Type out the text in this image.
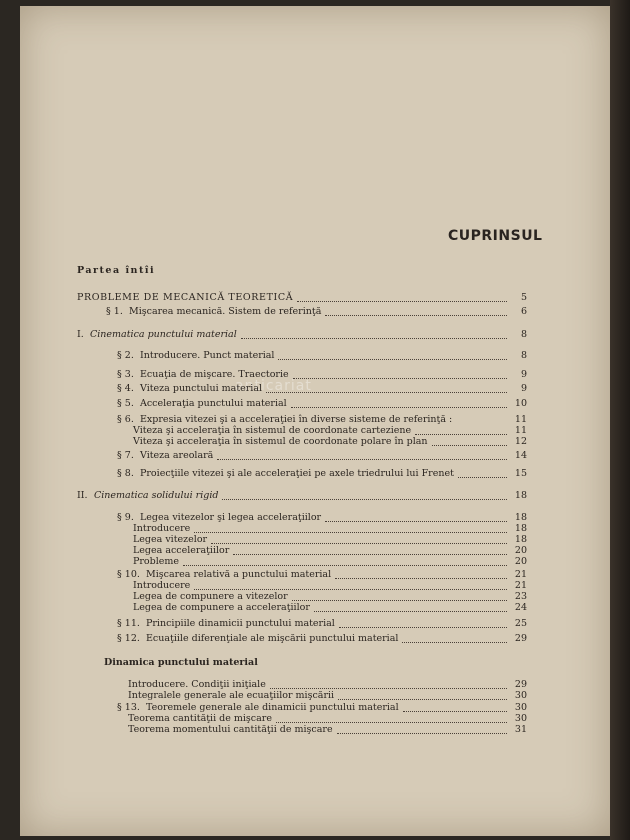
CUPRINSUL
anticariat
Partea întîi
PROBLEME DE MECANICĂ TEORETICĂ	5
§ 1. Mişcarea mecanică. Sistem de referinţă	6
I. Cinematica punctului material	8
§ 2. Introducere. Punct material	8
§ 3. Ecuaţia de mişcare. Traectorie	9
§ 4. Viteza punctului material	9
§ 5. Acceleraţia punctului material	10
§ 6. Expresia vitezei şi a acceleraţiei în diverse sisteme de referinţă :	11
Viteza şi acceleraţia în sistemul de coordonate carteziene	11
Viteza şi acceleraţia în sistemul de coordonate polare în plan	12
§ 7. Viteza areolară	14
§ 8. Proiecţiile vitezei şi ale acceleraţiei pe axele triedrului lui Frenet	15
II. Cinematica solidului rigid	18
§ 9. Legea vitezelor şi legea acceleraţiilor	18
Introducere	18
Legea vitezelor	18
Legea acceleraţiilor	20
Probleme	20
§ 10. Mişcarea relativă a punctului material	21
Introducere	21
Legea de compunere a vitezelor	23
Legea de compunere a acceleraţiilor	24
§ 11. Principiile dinamicii punctului material	25
§ 12. Ecuaţiile diferenţiale ale mişcării punctului material	29
Dinamica punctului material
Introducere. Condiţii iniţiale	29
Integralele generale ale ecuaţiilor mişcării	30
§ 13. Teoremele generale ale dinamicii punctului material	30
Teorema cantităţii de mişcare	30
Teorema momentului cantităţii de mişcare	31
